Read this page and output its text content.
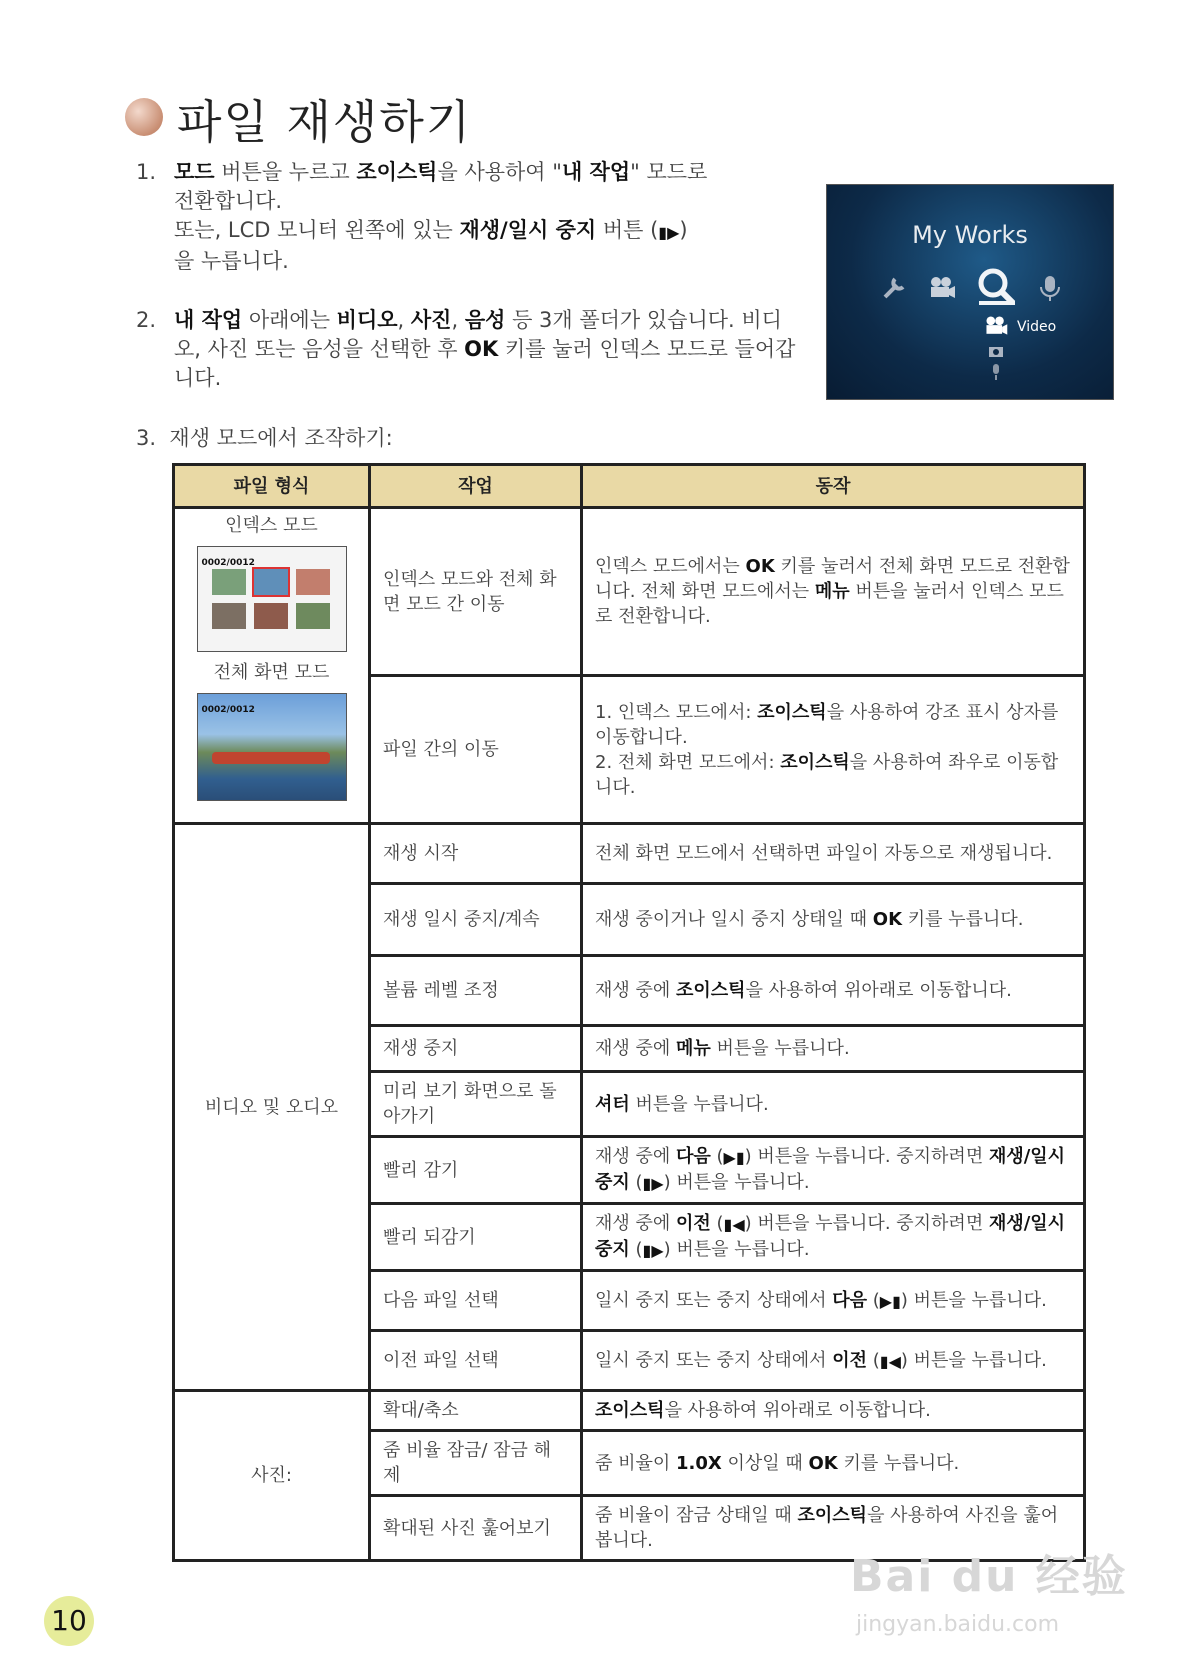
파일 재생하기
1. 모드 버튼을 누르고 조이스틱을 사용하여 "내 작업" 모드로

전환합니다.

또는, LCD 모니터 왼쪽에 있는 재생/일시 중지 버튼 (▮▶)

을 누릅니다.

2. 내 작업 아래에는 비디오, 사진, 음성 등 3개 폴더가 있습니다. 비디오, 사진 또는 음성을 선택한 후 OK 키를 눌러 인덱스 모드로 들어갑니다.

My Works
Video
3. 재생 모드에서 조작하기:
파일 형식	작업	동작

인덱스 모드
0002/0012
전체 화면 모드
0002/0012	인덱스 모드와 전체 화면 모드 간 이동	인덱스 모드에서는 OK 키를 눌러서 전체 화면 모드로 전환합니다. 전체 화면 모드에서는 메뉴 버튼을 눌러서 인덱스 모드로 전환합니다.
	파일 간의 이동	1. 인덱스 모드에서: 조이스틱을 사용하여 강조 표시 상자를 이동합니다.
2. 전체 화면 모드에서: 조이스틱을 사용하여 좌우로 이동합니다.
비디오 및 오디오	재생 시작	전체 화면 모드에서 선택하면 파일이 자동으로 재생됩니다.
	재생 일시 중지/계속	재생 중이거나 일시 중지 상태일 때 OK 키를 누릅니다.
	볼륨 레벨 조정	재생 중에 조이스틱을 사용하여 위아래로 이동합니다.
	재생 중지	재생 중에 메뉴 버튼을 누릅니다.
	미리 보기 화면으로 돌아가기	셔터 버튼을 누릅니다.
	빨리 감기	재생 중에 다음 (▶▮) 버튼을 누릅니다. 중지하려면 재생/일시 중지 (▮▶) 버튼을 누릅니다.
	빨리 되감기	재생 중에 이전 (▮◀) 버튼을 누릅니다. 중지하려면 재생/일시 중지 (▮▶) 버튼을 누릅니다.
	다음 파일 선택	일시 중지 또는 중지 상태에서 다음 (▶▮) 버튼을 누릅니다.
	이전 파일 선택	일시 중지 또는 중지 상태에서 이전 (▮◀) 버튼을 누릅니다.
사진:	확대/축소	조이스틱을 사용하여 위아래로 이동합니다.
	줌 비율 잠금/ 잠금 해제	줌 비율이 1.0X 이상일 때 OK 키를 누릅니다.
	확대된 사진 훑어보기	줌 비율이 잠금 상태일 때 조이스틱을 사용하여 사진을 훑어봅니다.
10
Bai du 经验
jingyan.baidu.com
